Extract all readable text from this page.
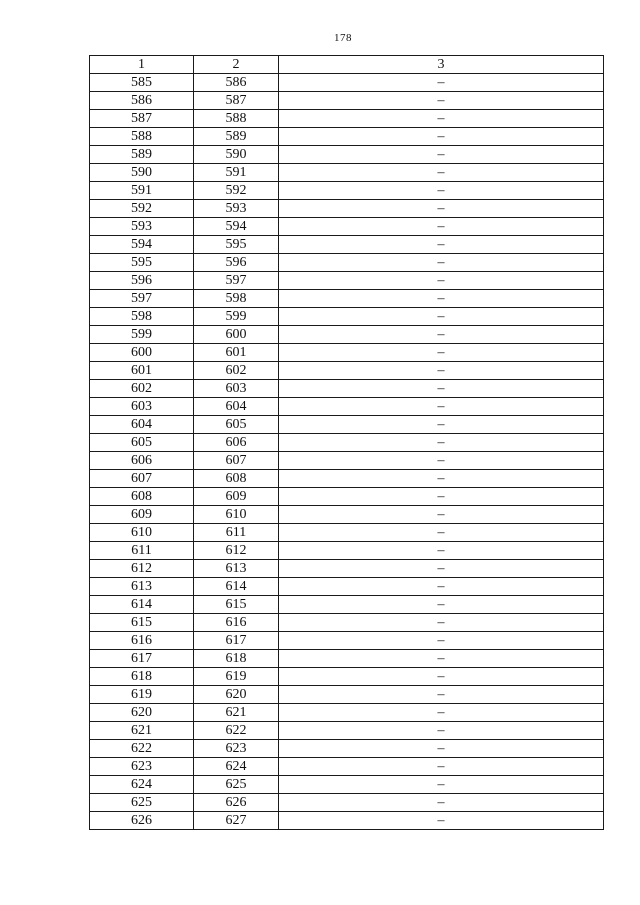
178
1	2	3
585	586	–
586	587	–
587	588	–
588	589	–
589	590	–
590	591	–
591	592	–
592	593	–
593	594	–
594	595	–
595	596	–
596	597	–
597	598	–
598	599	–
599	600	–
600	601	–
601	602	–
602	603	–
603	604	–
604	605	–
605	606	–
606	607	–
607	608	–
608	609	–
609	610	–
610	611	–
611	612	–
612	613	–
613	614	–
614	615	–
615	616	–
616	617	–
617	618	–
618	619	–
619	620	–
620	621	–
621	622	–
622	623	–
623	624	–
624	625	–
625	626	–
626	627	–
